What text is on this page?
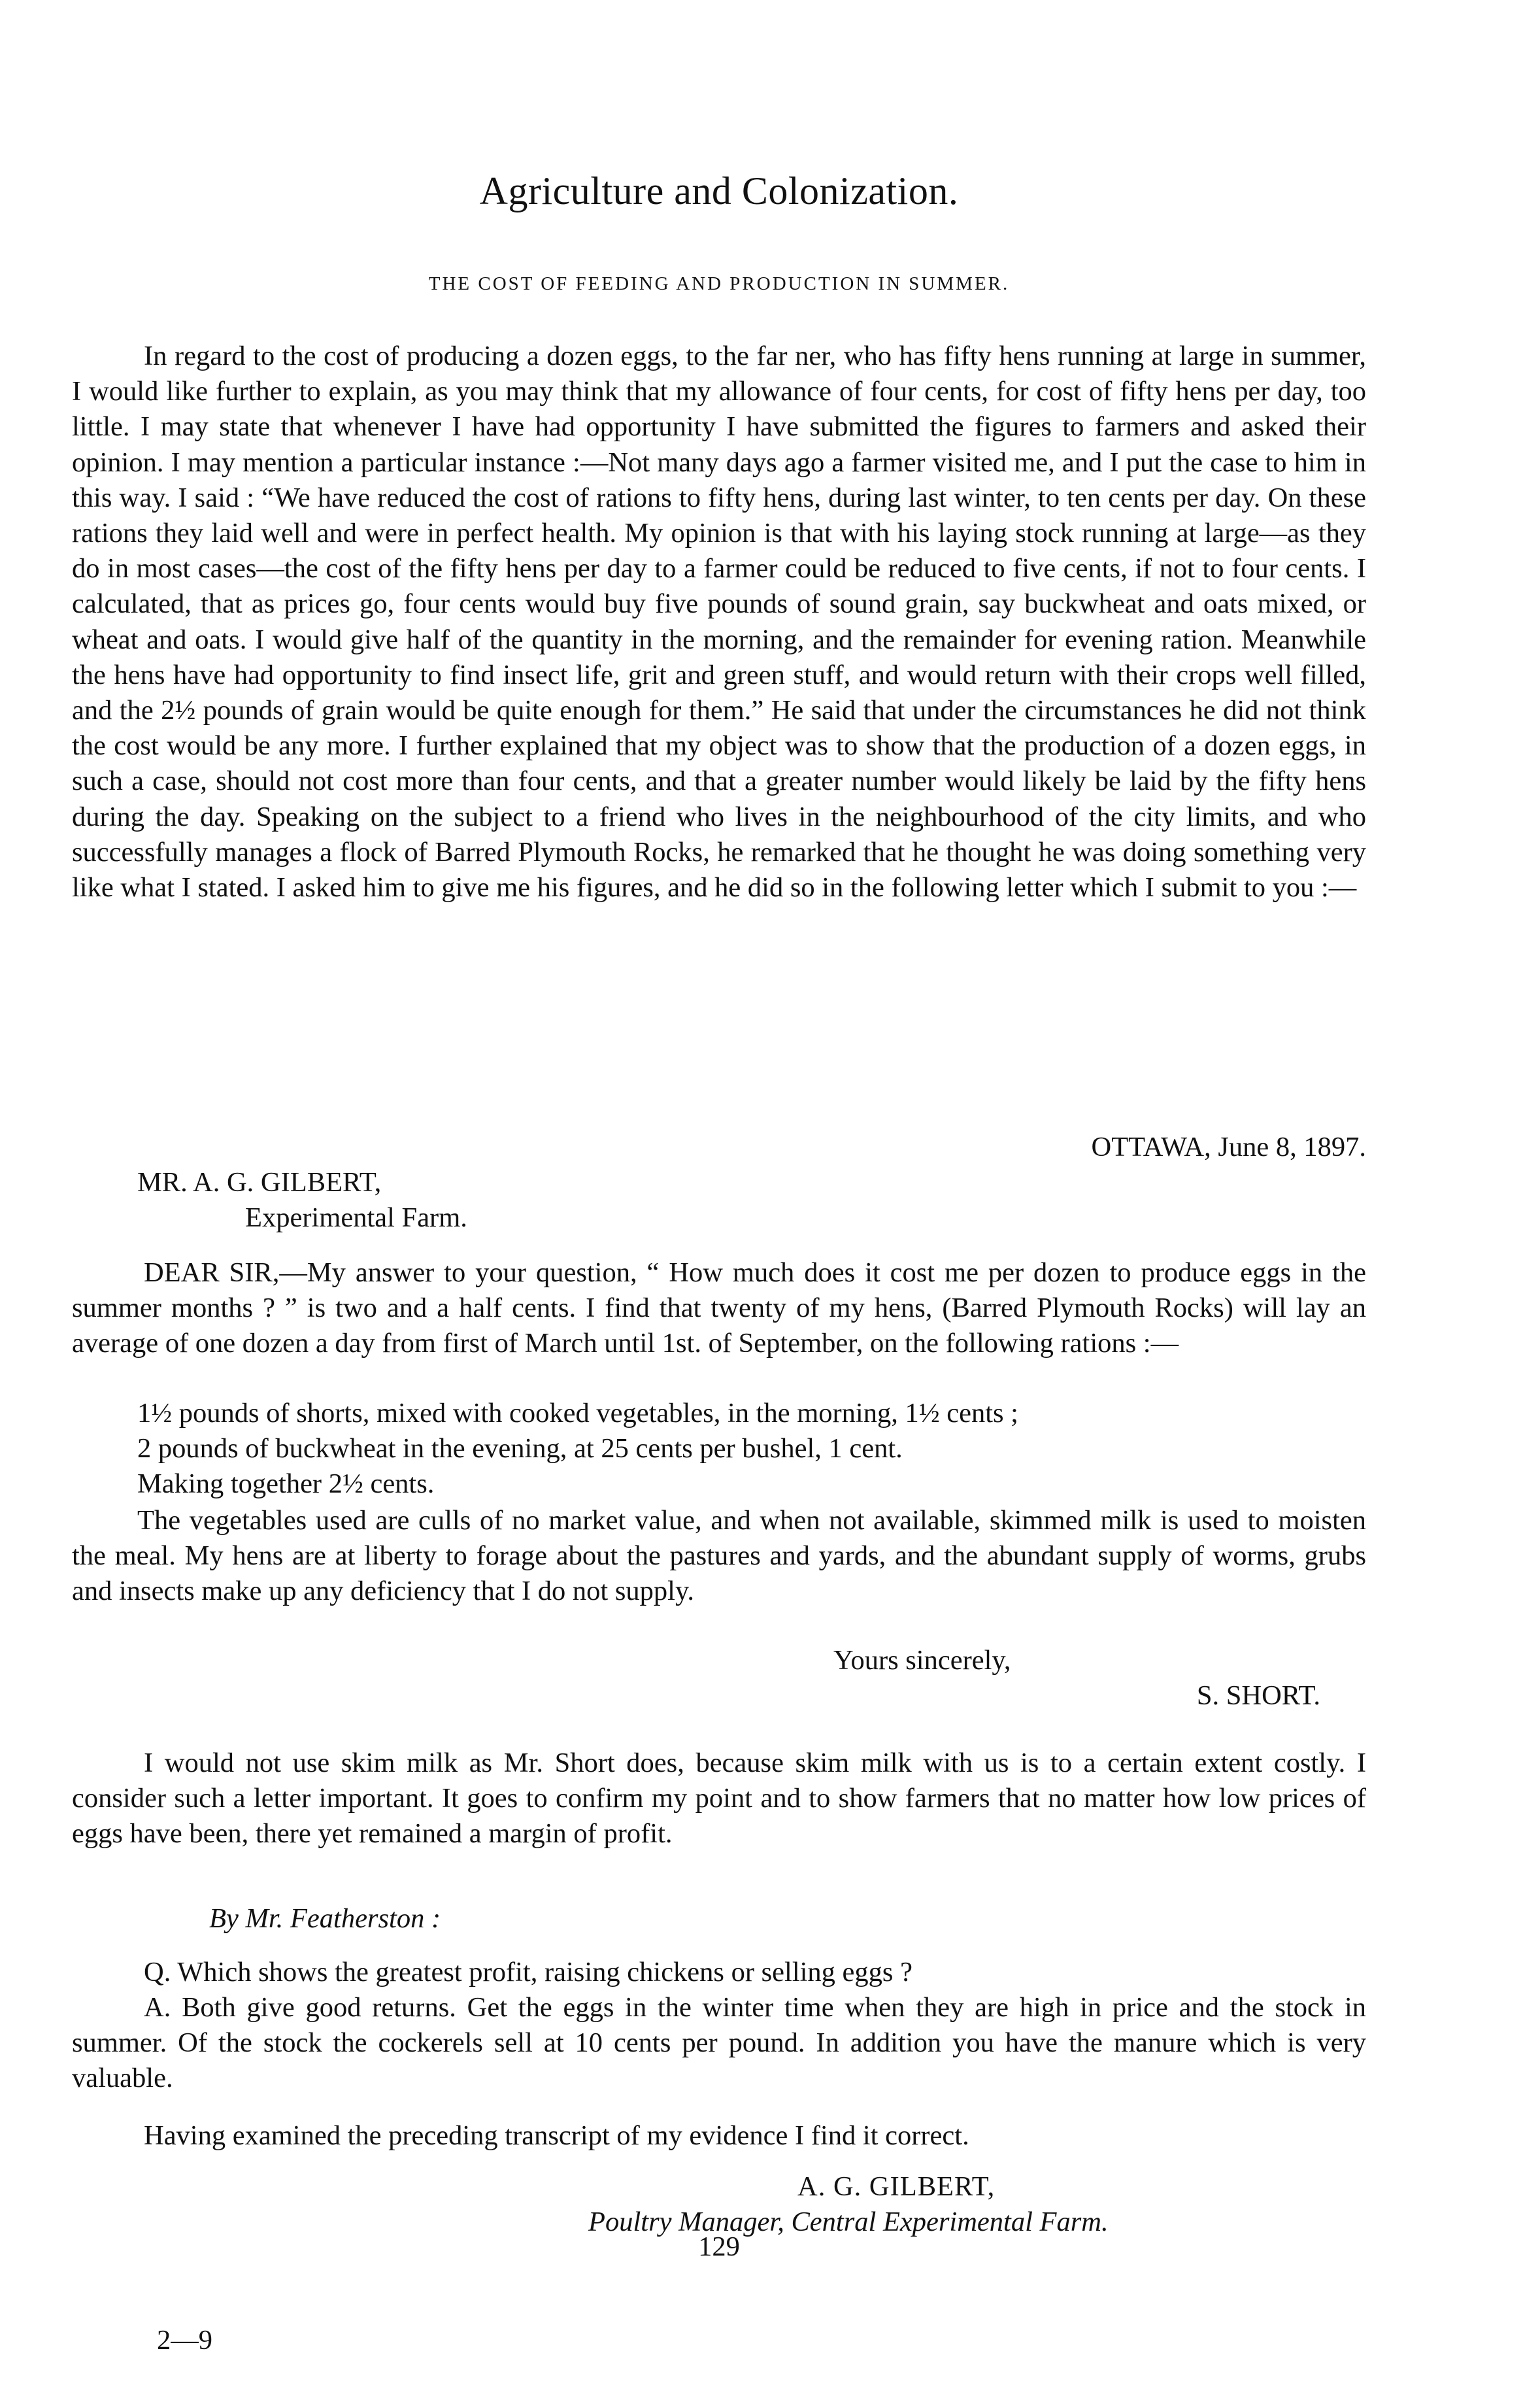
Agriculture and Colonization.

THE COST OF FEEDING AND PRODUCTION IN SUMMER.

In regard to the cost of producing a dozen eggs, to the far ner, who has fifty hens running at large in summer, I would like further to explain, as you may think that my allowance of four cents, for cost of fifty hens per day, too little. I may state that whenever I have had opportunity I have submitted the figures to farmers and asked their opinion. I may mention a particular instance :—Not many days ago a farmer visited me, and I put the case to him in this way. I said : “We have reduced the cost of rations to fifty hens, during last winter, to ten cents per day. On these rations they laid well and were in perfect health. My opinion is that with his laying stock running at large—as they do in most cases—the cost of the fifty hens per day to a farmer could be reduced to five cents, if not to four cents. I calculated, that as prices go, four cents would buy five pounds of sound grain, say buckwheat and oats mixed, or wheat and oats. I would give half of the quantity in the morning, and the remainder for evening ration. Meanwhile the hens have had opportunity to find insect life, grit and green stuff, and would return with their crops well filled, and the 2½ pounds of grain would be quite enough for them.” He said that under the circumstances he did not think the cost would be any more. I further explained that my object was to show that the production of a dozen eggs, in such a case, should not cost more than four cents, and that a greater number would likely be laid by the fifty hens during the day. Speaking on the subject to a friend who lives in the neighbourhood of the city limits, and who successfully manages a flock of Barred Plymouth Rocks, he remarked that he thought he was doing something very like what I stated. I asked him to give me his figures, and he did so in the following letter which I submit to you :—

OTTAWA, June 8, 1897.

MR. A. G. GILBERT,

Experimental Farm.

DEAR SIR,—My answer to your question, “ How much does it cost me per dozen to produce eggs in the summer months ? ” is two and a half cents. I find that twenty of my hens, (Barred Plymouth Rocks) will lay an average of one dozen a day from first of March until 1st. of September, on the following rations :—

1½ pounds of shorts, mixed with cooked vegetables, in the morning, 1½ cents ;

2 pounds of buckwheat in the evening, at 25 cents per bushel, 1 cent.

Making together 2½ cents.

The vegetables used are culls of no market value, and when not available, skimmed milk is used to moisten the meal. My hens are at liberty to forage about the pastures and yards, and the abundant supply of worms, grubs and insects make up any deficiency that I do not supply.

Yours sincerely,

S. SHORT.

I would not use skim milk as Mr. Short does, because skim milk with us is to a certain extent costly. I consider such a letter important. It goes to confirm my point and to show farmers that no matter how low prices of eggs have been, there yet remained a margin of profit.

By Mr. Featherston :

Q. Which shows the greatest profit, raising chickens or selling eggs ?

A. Both give good returns. Get the eggs in the winter time when they are high in price and the stock in summer. Of the stock the cockerels sell at 10 cents per pound. In addition you have the manure which is very valuable.

Having examined the preceding transcript of my evidence I find it correct.

A. G. GILBERT,

Poultry Manager, Central Experimental Farm.

129

2—9
